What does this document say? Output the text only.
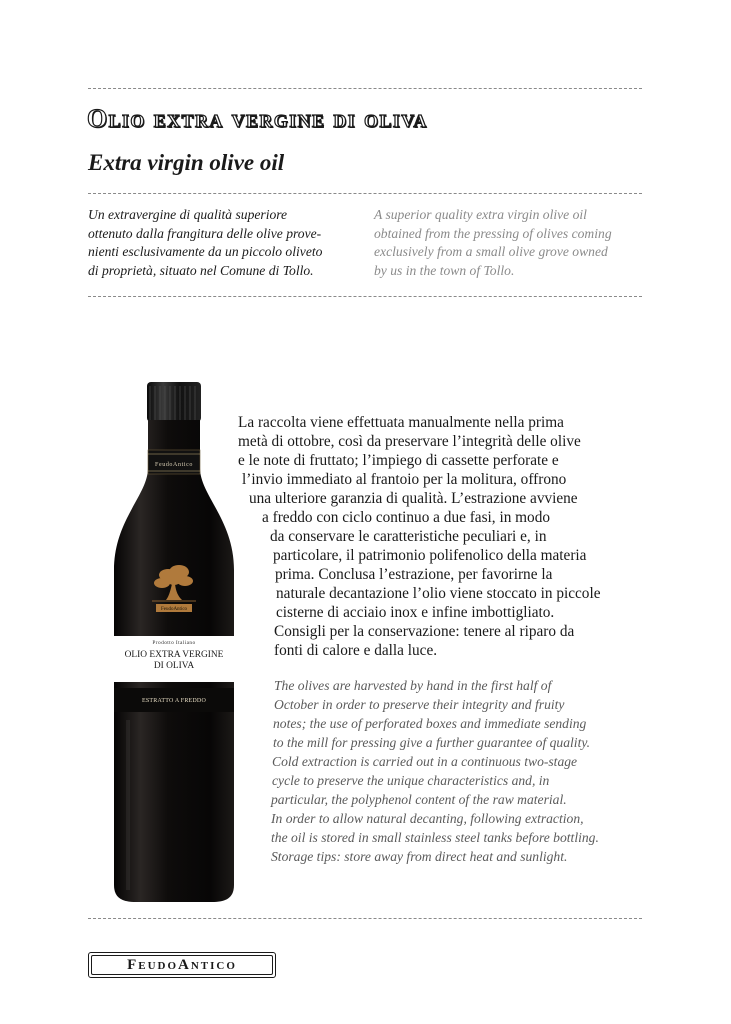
Olio extra vergine di oliva
Extra virgin olive oil
Un extravergine di qualità superiore
ottenuto dalla frangitura delle olive prove-
nienti esclusivamente da un piccolo oliveto
di proprietà, situato nel Comune di Tollo.
A superior quality extra virgin olive oil
obtained from the pressing of olives coming
exclusively from a small olive grove owned
by us in the town of Tollo.
FeudoAntico
FeudoAntico
Prodotto Italiano
OLIO EXTRA VERGINE
DI OLIVA
ESTRATTO A FREDDO
La raccolta viene effettuata manualmente nella prima
metà di ottobre, così da preservare l’integrità delle olive
e le note di fruttato; l’impiego di cassette perforate e
l’invio immediato al frantoio per la molitura, offrono
una ulteriore garanzia di qualità. L’estrazione avviene
a freddo con ciclo continuo a due fasi, in modo
da conservare le caratteristiche peculiari e, in
particolare, il patrimonio polifenolico della materia
prima. Conclusa l’estrazione, per favorirne la
naturale decantazione l’olio viene stoccato in piccole
cisterne di acciaio inox e infine imbottigliato.
Consigli per la conservazione: tenere al riparo da
fonti di calore e dalla luce.
The olives are harvested by hand in the first half of
October in order to preserve their integrity and fruity
notes; the use of perforated boxes and immediate sending
to the mill for pressing give a further guarantee of quality.
Cold extraction is carried out in a continuous two-stage
cycle to preserve the unique characteristics and, in
particular, the polyphenol content of the raw material.
In order to allow natural decanting, following extraction,
the oil is stored in small stainless steel tanks before bottling.
Storage tips: store away from direct heat and sunlight.
FeudoAntico
